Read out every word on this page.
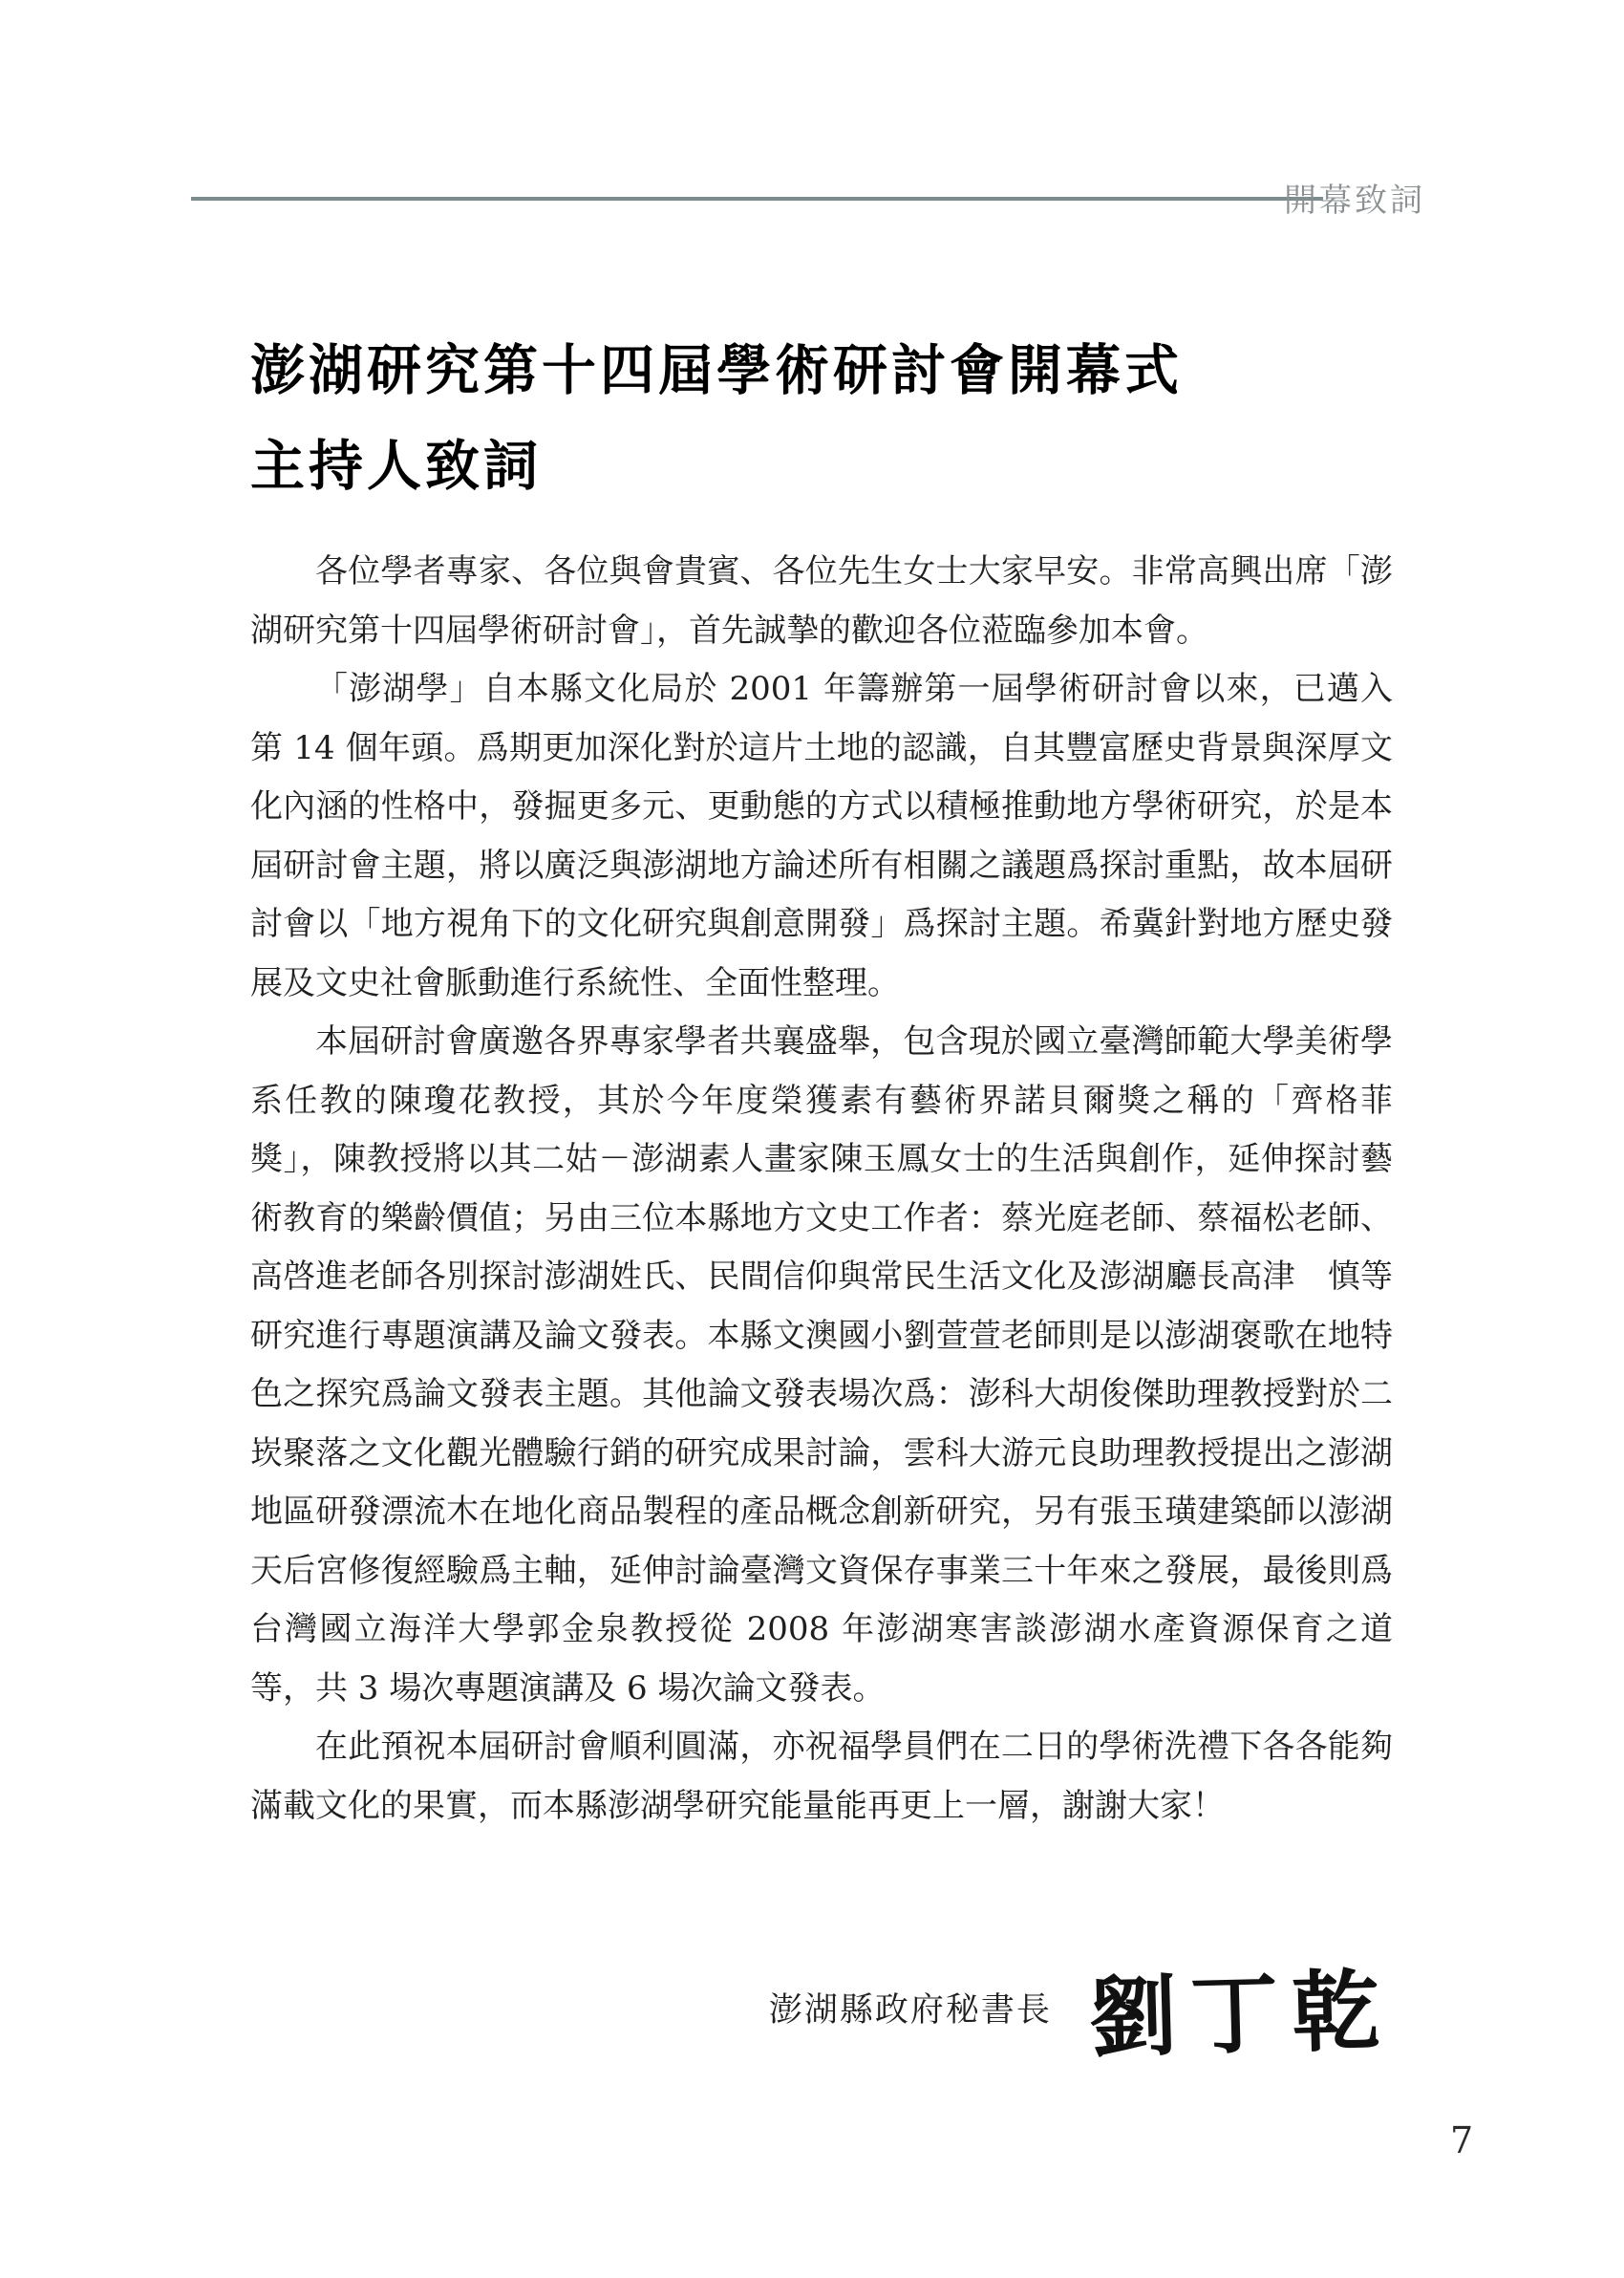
開幕致詞
澎湖研究第十四屆學術研討會開幕式
主持人致詞

各位學者專家、各位與會貴賓、各位先生女士大家早安。非常高興出席「澎湖研究第十四屆學術研討會」，首先誠摯的歡迎各位蒞臨參加本會。

「澎湖學」自本縣文化局於 2001 年籌辦第一屆學術研討會以來，已邁入第 14 個年頭。爲期更加深化對於這片土地的認識，自其豐富歷史背景與深厚文化內涵的性格中，發掘更多元、更動態的方式以積極推動地方學術研究，於是本屆研討會主題，將以廣泛與澎湖地方論述所有相關之議題爲探討重點，故本屆研討會以「地方視角下的文化研究與創意開發」爲探討主題。希冀針對地方歷史發展及文史社會脈動進行系統性、全面性整理。

本屆研討會廣邀各界專家學者共襄盛舉，包含現於國立臺灣師範大學美術學系任教的陳瓊花教授，其於今年度榮獲素有藝術界諾貝爾獎之稱的「齊格菲獎」，陳教授將以其二姑－澎湖素人畫家陳玉鳳女士的生活與創作，延伸探討藝術教育的樂齡價值；另由三位本縣地方文史工作者：蔡光庭老師、蔡福松老師、高啓進老師各別探討澎湖姓氏、民間信仰與常民生活文化及澎湖廳長高津　慎等研究進行專題演講及論文發表。本縣文澳國小劉萱萱老師則是以澎湖褒歌在地特色之探究爲論文發表主題。其他論文發表場次爲：澎科大胡俊傑助理教授對於二崁聚落之文化觀光體驗行銷的研究成果討論，雲科大游元良助理教授提出之澎湖地區研發漂流木在地化商品製程的產品概念創新研究，另有張玉璜建築師以澎湖天后宮修復經驗爲主軸，延伸討論臺灣文資保存事業三十年來之發展，最後則爲台灣國立海洋大學郭金泉教授從 2008 年澎湖寒害談澎湖水產資源保育之道等，共 3 場次專題演講及 6 場次論文發表。

在此預祝本屆研討會順利圓滿，亦祝福學員們在二日的學術洗禮下各各能夠滿載文化的果實，而本縣澎湖學研究能量能再更上一層，謝謝大家！

澎湖縣政府秘書長 劉丁乾
7
